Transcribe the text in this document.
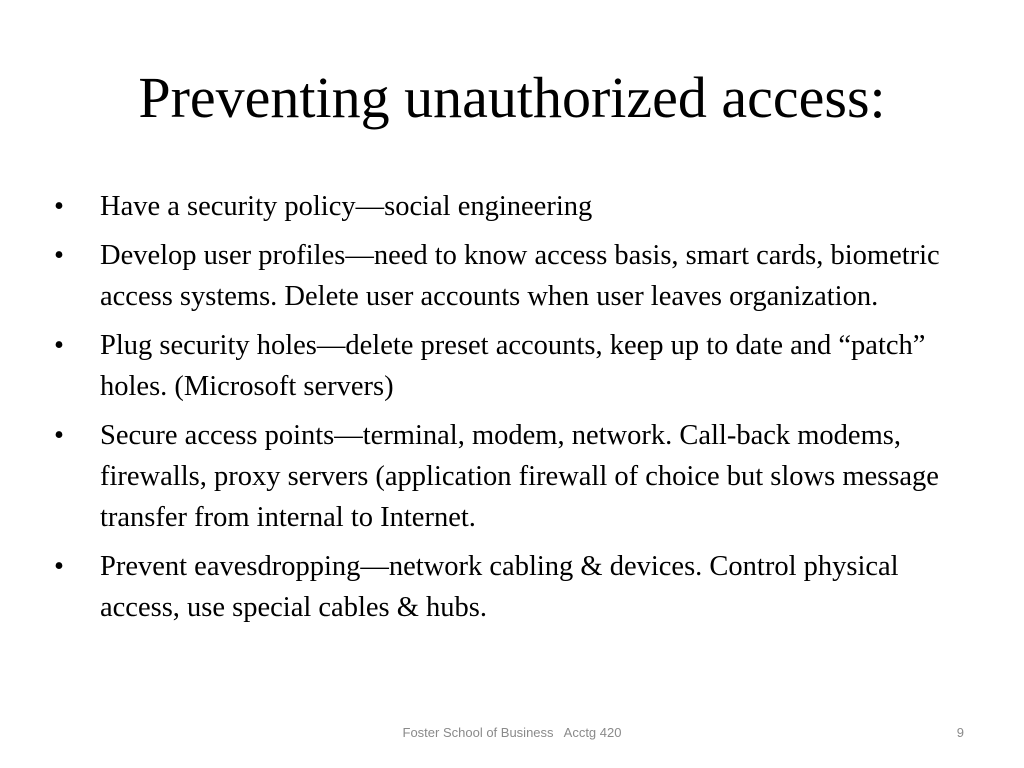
Preventing unauthorized access:
•	Have a security policy—social engineering
•	Develop user profiles—need to know access basis, smart cards, biometric access systems. Delete user accounts when user leaves organization.
•	Plug security holes—delete preset accounts, keep up to date and “patch” holes. (Microsoft servers)
•	Secure access points—terminal, modem, network. Call-back modems, firewalls, proxy servers (application firewall of choice but slows message transfer from internal to Internet.
•	Prevent eavesdropping—network cabling & devices. Control physical access, use special cables & hubs.
Foster School of Business   Acctg 420	9
